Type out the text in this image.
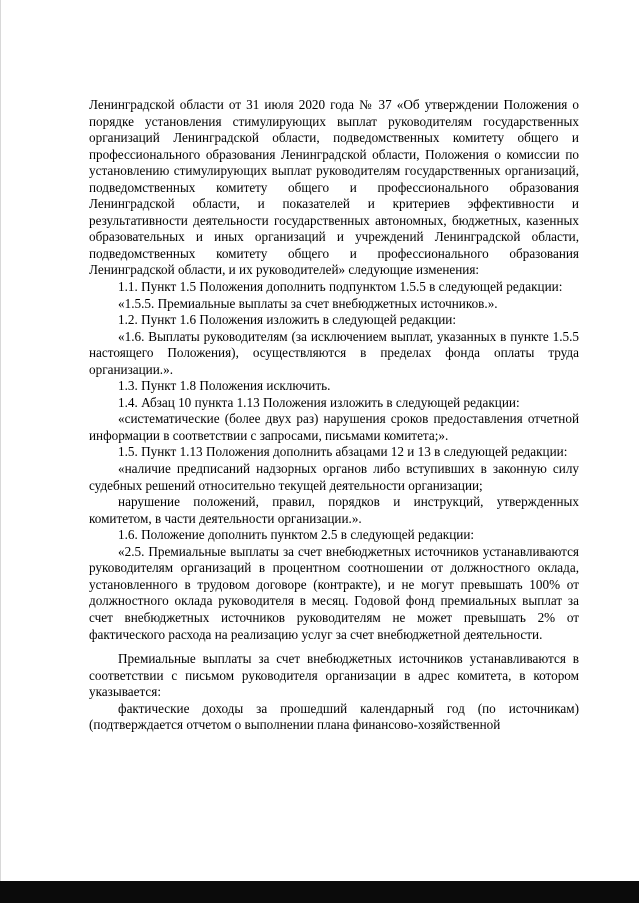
Ленинградской области от 31 июля 2020 года № 37 «Об утверждении Положения о порядке установления стимулирующих выплат руководителям государственных организаций Ленинградской области, подведомственных комитету общего и профессионального образования Ленинградской области, Положения о комиссии по установлению стимулирующих выплат руководителям государственных организаций, подведомственных комитету общего и профессионального образования Ленинградской области, и показателей и критериев эффективности и результативности деятельности государственных автономных, бюджетных, казенных образовательных и иных организаций и учреждений Ленинградской области, подведомственных комитету общего и профессионального образования Ленинградской области, и их руководителей» следующие изменения:

1.1. Пункт 1.5 Положения дополнить подпунктом 1.5.5 в следующей редакции:

«1.5.5. Премиальные выплаты за счет внебюджетных источников.».

1.2. Пункт 1.6 Положения изложить в следующей редакции:

«1.6. Выплаты руководителям (за исключением выплат, указанных в пункте 1.5.5 настоящего Положения), осуществляются в пределах фонда оплаты труда организации.».

1.3. Пункт 1.8 Положения исключить.

1.4. Абзац 10 пункта 1.13 Положения изложить в следующей редакции:

«систематические (более двух раз) нарушения сроков предоставления отчетной информации в соответствии с запросами, письмами комитета;».

1.5. Пункт 1.13 Положения дополнить абзацами 12 и 13 в следующей редакции:

«наличие предписаний надзорных органов либо вступивших в законную силу судебных решений относительно текущей деятельности организации;

нарушение положений, правил, порядков и инструкций, утвержденных комитетом, в части деятельности организации.».

1.6. Положение дополнить пунктом 2.5 в следующей редакции:

«2.5. Премиальные выплаты за счет внебюджетных источников устанавливаются руководителям организаций в процентном соотношении от должностного оклада, установленного в трудовом договоре (контракте), и не могут превышать 100% от должностного оклада руководителя в месяц. Годовой фонд премиальных выплат за счет внебюджетных источников руководителям не может превышать 2% от фактического расхода на реализацию услуг за счет внебюджетной деятельности.

Премиальные выплаты за счет внебюджетных источников устанавливаются в соответствии с письмом руководителя организации в адрес комитета, в котором указывается:

фактические доходы за прошедший календарный год (по источникам) (подтверждается отчетом о выполнении плана финансово-хозяйственной
